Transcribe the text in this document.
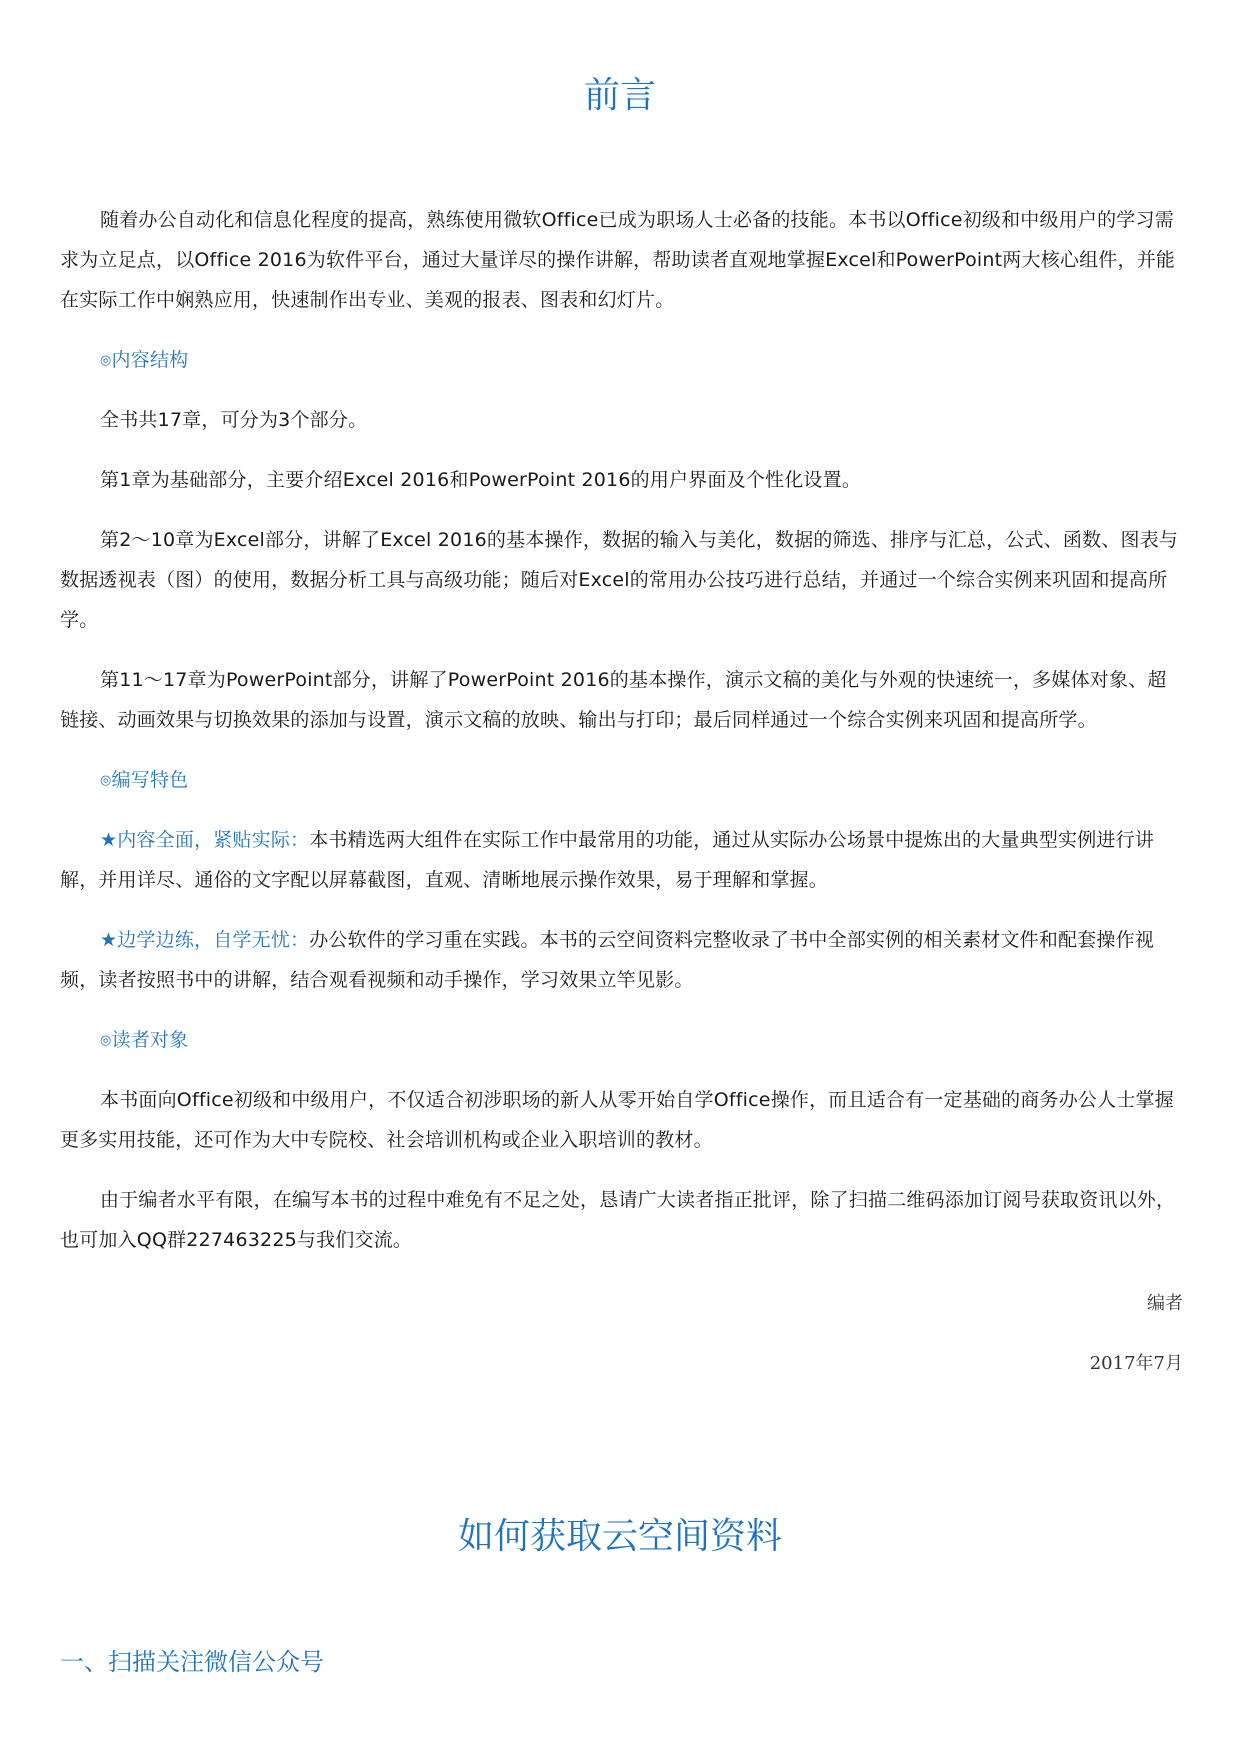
前言

随着办公自动化和信息化程度的提高，熟练使用微软Office已成为职场人士必备的技能。本书以Office初级和中级用户的学习需求为立足点，以Office 2016为软件平台，通过大量详尽的操作讲解，帮助读者直观地掌握Excel和PowerPoint两大核心组件，并能在实际工作中娴熟应用，快速制作出专业、美观的报表、图表和幻灯片。

◎内容结构

全书共17章，可分为3个部分。

第1章为基础部分，主要介绍Excel 2016和PowerPoint 2016的用户界面及个性化设置。

第2～10章为Excel部分，讲解了Excel 2016的基本操作，数据的输入与美化，数据的筛选、排序与汇总，公式、函数、图表与数据透视表（图）的使用，数据分析工具与高级功能；随后对Excel的常用办公技巧进行总结，并通过一个综合实例来巩固和提高所学。

第11～17章为PowerPoint部分，讲解了PowerPoint 2016的基本操作，演示文稿的美化与外观的快速统一，多媒体对象、超链接、动画效果与切换效果的添加与设置，演示文稿的放映、输出与打印；最后同样通过一个综合实例来巩固和提高所学。

◎编写特色

★内容全面，紧贴实际：本书精选两大组件在实际工作中最常用的功能，通过从实际办公场景中提炼出的大量典型实例进行讲解，并用详尽、通俗的文字配以屏幕截图，直观、清晰地展示操作效果，易于理解和掌握。

★边学边练，自学无忧：办公软件的学习重在实践。本书的云空间资料完整收录了书中全部实例的相关素材文件和配套操作视频，读者按照书中的讲解，结合观看视频和动手操作，学习效果立竿见影。

◎读者对象

本书面向Office初级和中级用户，不仅适合初涉职场的新人从零开始自学Office操作，而且适合有一定基础的商务办公人士掌握更多实用技能，还可作为大中专院校、社会培训机构或企业入职培训的教材。

由于编者水平有限，在编写本书的过程中难免有不足之处，恳请广大读者指正批评，除了扫描二维码添加订阅号获取资讯以外，也可加入QQ群227463225与我们交流。

编者
2017年7月
如何获取云空间资料
一、扫描关注微信公众号
